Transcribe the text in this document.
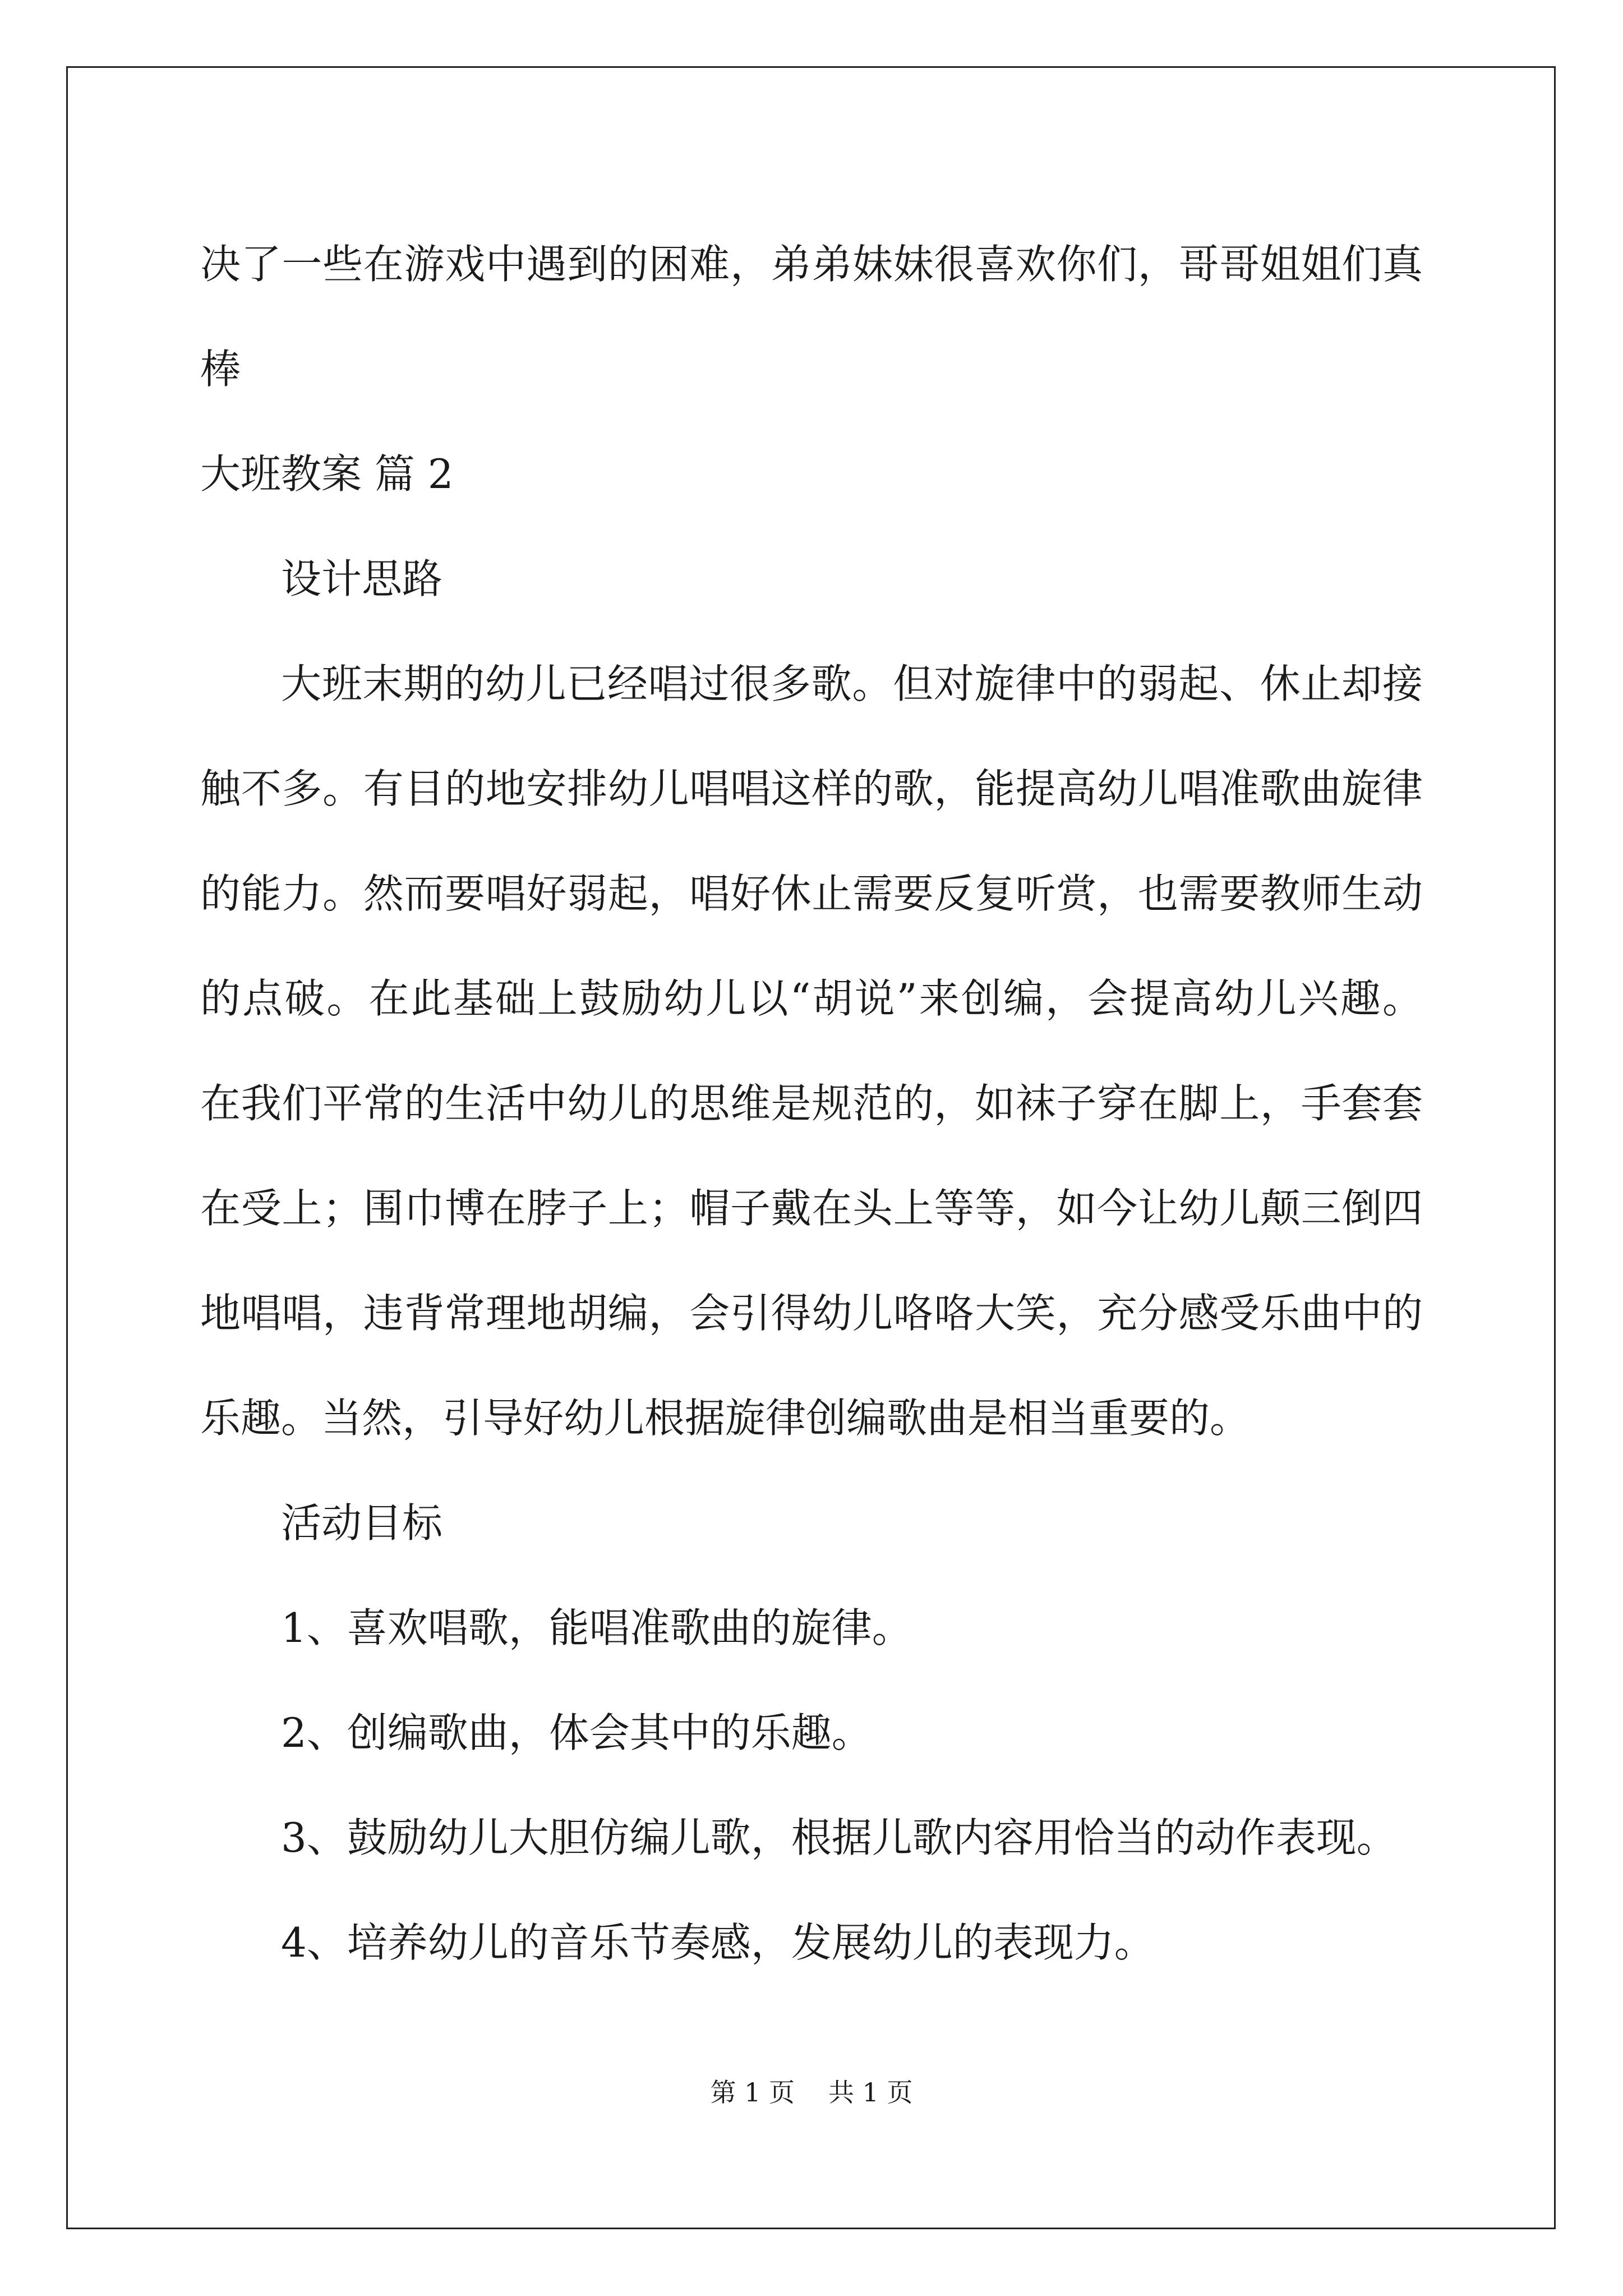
决了一些在游戏中遇到的困难，弟弟妹妹很喜欢你们，哥哥姐姐们真
棒
大班教案 篇 2
设计思路
大班末期的幼儿已经唱过很多歌。但对旋律中的弱起、休止却接
触不多。有目的地安排幼儿唱唱这样的歌，能提高幼儿唱准歌曲旋律
的能力。然而要唱好弱起，唱好休止需要反复听赏，也需要教师生动
的点破。在此基础上鼓励幼儿以“胡说”来创编，会提高幼儿兴趣。
在我们平常的生活中幼儿的思维是规范的，如袜子穿在脚上，手套套
在受上；围巾博在脖子上；帽子戴在头上等等，如今让幼儿颠三倒四
地唱唱，违背常理地胡编，会引得幼儿咯咯大笑，充分感受乐曲中的
乐趣。当然，引导好幼儿根据旋律创编歌曲是相当重要的。
活动目标
1、喜欢唱歌，能唱准歌曲的旋律。
2、创编歌曲，体会其中的乐趣。
3、鼓励幼儿大胆仿编儿歌，根据儿歌内容用恰当的动作表现。
4、培养幼儿的音乐节奏感，发展幼儿的表现力。
第 1 页 共 1 页
